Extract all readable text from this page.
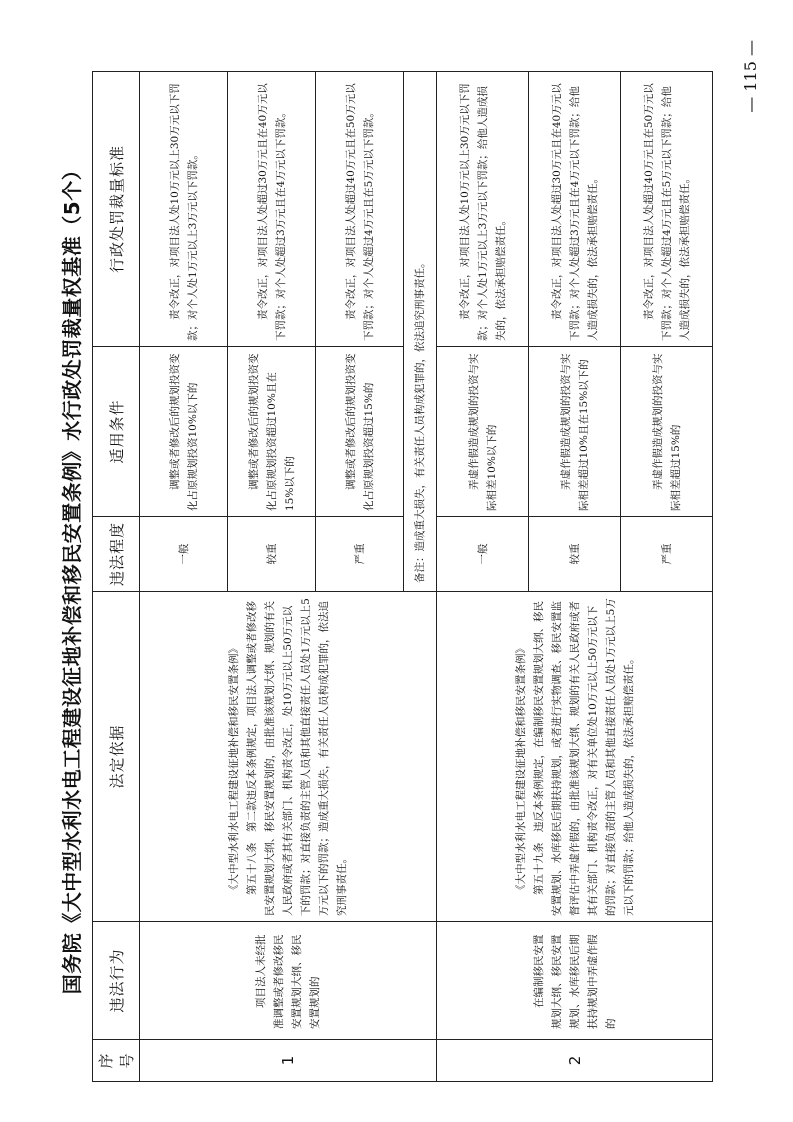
国务院《大中型水利水电工程建设征地补偿和移民安置条例》水行政处罚裁量权基准（5个）
序号	违法行为	法定依据	违法程度	适用条件	行政处罚裁量标准
1	项目法人未经批准调整或者修改移民安置规划大纲、移民安置规划的	《大中型水利水电工程建设征地补偿和移民安置条例》 第五十八条　第二款违反本条例规定，项目法人调整或者修改移民安置规划大纲、移民安置规划的，由批准该规划大纲、规划的有关人民政府或者其有关部门、机构责令改正，处10万元以上50万元以下的罚款；对直接负责的主管人员和其他直接责任人员处1万元以上5万元以下的罚款；造成重大损失，有关责任人员构成犯罪的，依法追究刑事责任。	一般	调整或者修改后的规划投资变化占原规划投资10%以下的	责令改正，对项目法人处10万元以上30万元以下罚款；对个人处1万元以上3万元以下罚款。

			较重	调整或者修改后的规划投资变化占原规划投资超过10%且在15%以下的	责令改正，对项目法人处超过30万元且在40万元以下罚款；对个人处超过3万元且在4万元以下罚款。

			严重	调整或者修改后的规划投资变化占原规划投资超过15%的	责令改正，对项目法人处超过40万元且在50万元以下罚款；对个人处超过4万元且在5万元以下罚款。

			备注：造成重大损失，有关责任人员构成犯罪的，依法追究刑事责任。		
2	在编制移民安置规划大纲、移民安置规划、水库移民后期扶持规划中弄虚作假的	《大中型水利水电工程建设征地补偿和移民安置条例》 第五十九条　违反本条例规定，在编制移民安置规划大纲、移民安置规划、水库移民后期扶持规划，或者进行实物调查、移民安置监督评估中弄虚作假的，由批准该规划大纲、规划的有关人民政府或者其有关部门、机构责令改正，对有关单位处10万元以上50万元以下的罚款；对直接负责的主管人员和其他直接责任人员处1万元以上5万元以下的罚款；给他人造成损失的，依法承担赔偿责任。	一般	弄虚作假造成规划的投资与实际相差10%以下的	责令改正，对项目法人处10万元以上30万元以下罚款；对个人处1万元以上3万元以下罚款；给他人造成损失的，依法承担赔偿责任。

			较重	弄虚作假造成规划的投资与实际相差超过10%且在15%以下的	责令改正，对项目法人处超过30万元且在40万元以下罚款；对个人处超过3万元且在4万元以下罚款；给他人造成损失的，依法承担赔偿责任。

			严重	弄虚作假造成规划的投资与实际相差超过15%的	责令改正，对项目法人处超过40万元且在50万元以下罚款；对个人处超过4万元且在5万元以下罚款；给他人造成损失的，依法承担赔偿责任。

— 115 —
